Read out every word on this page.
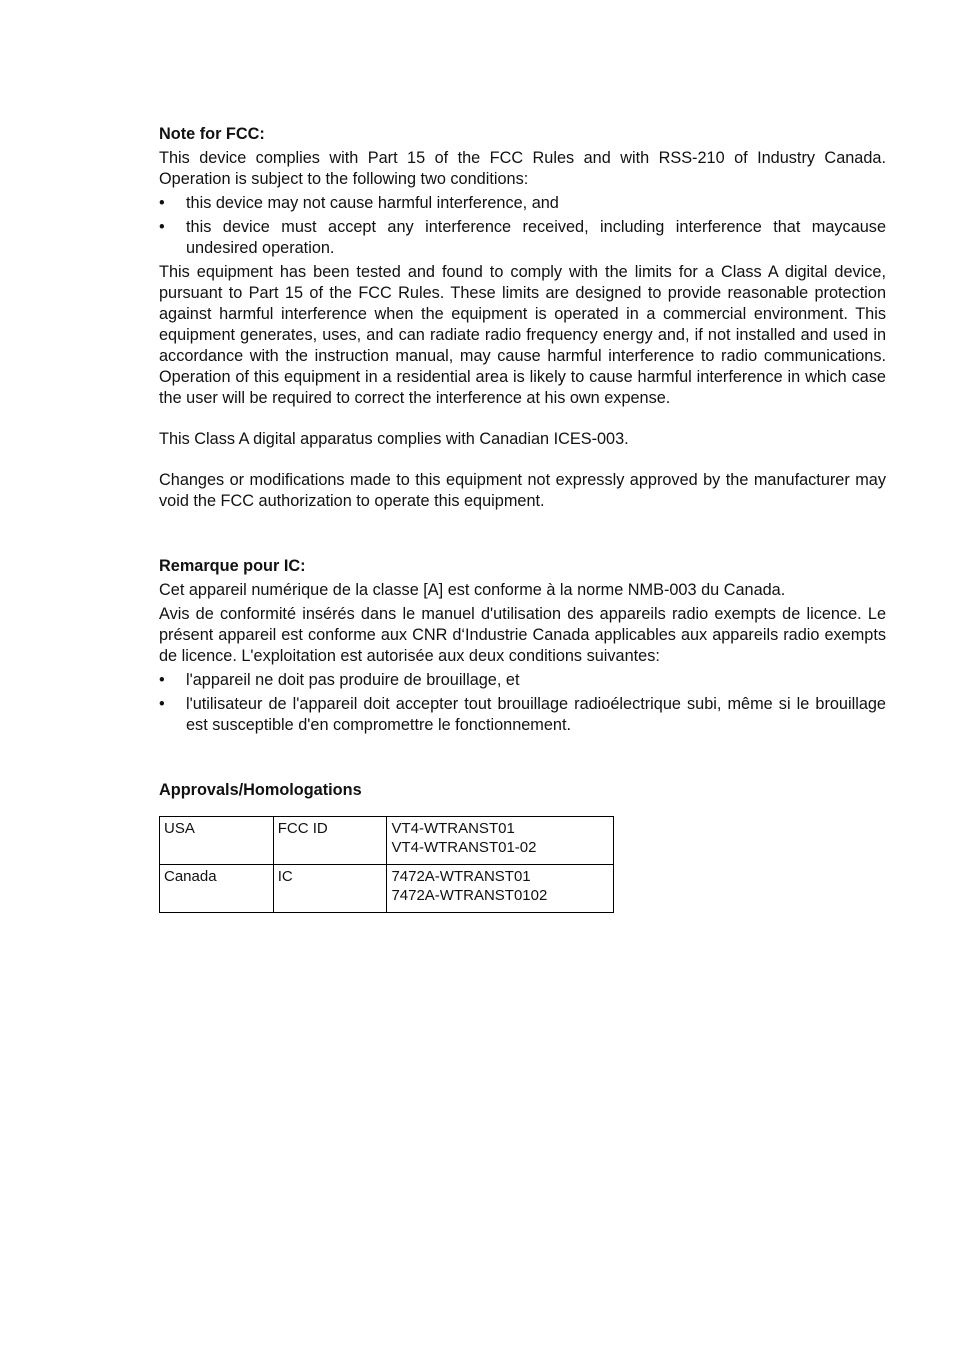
Note for FCC:

This device complies with Part 15 of the FCC Rules and with RSS-210 of Industry Canada. Operation is subject to the following two conditions:

• this device may not cause harmful interference, and
• this device must accept any interference received, including interference that maycause undesired operation.

This equipment has been tested and found to comply with the limits for a Class A digital device, pursuant to Part 15 of the FCC Rules. These limits are designed to provide reasonable protection against harmful interference when the equipment is operated in a commercial environment. This equipment generates, uses, and can radiate radio frequency energy and, if not installed and used in accordance with the instruction manual, may cause harmful interference to radio communications. Operation of this equipment in a residential area is likely to cause harmful interference in which case the user will be required to correct the interference at his own expense.

This Class A digital apparatus complies with Canadian ICES-003.

Changes or modifications made to this equipment not expressly approved by the manufacturer may void the FCC authorization to operate this equipment.

Remarque pour IC:

Cet appareil numérique de la classe [A] est conforme à la norme NMB-003 du Canada.

Avis de conformité insérés dans le manuel d'utilisation des appareils radio exempts de licence. Le présent appareil est conforme aux CNR d‘Industrie Canada applicables aux appareils radio exempts de licence. L'exploitation est autorisée aux deux conditions suivantes:

• l'appareil ne doit pas produire de brouillage, et
• l'utilisateur de l'appareil doit accepter tout brouillage radioélectrique subi, même si le brouillage est susceptible d'en compromettre le fonctionnement.
Approvals/Homologations
USA	FCC ID	VT4-WTRANST01
VT4-WTRANST01-02

Canada	IC	7472A-WTRANST01
7472A-WTRANST0102
